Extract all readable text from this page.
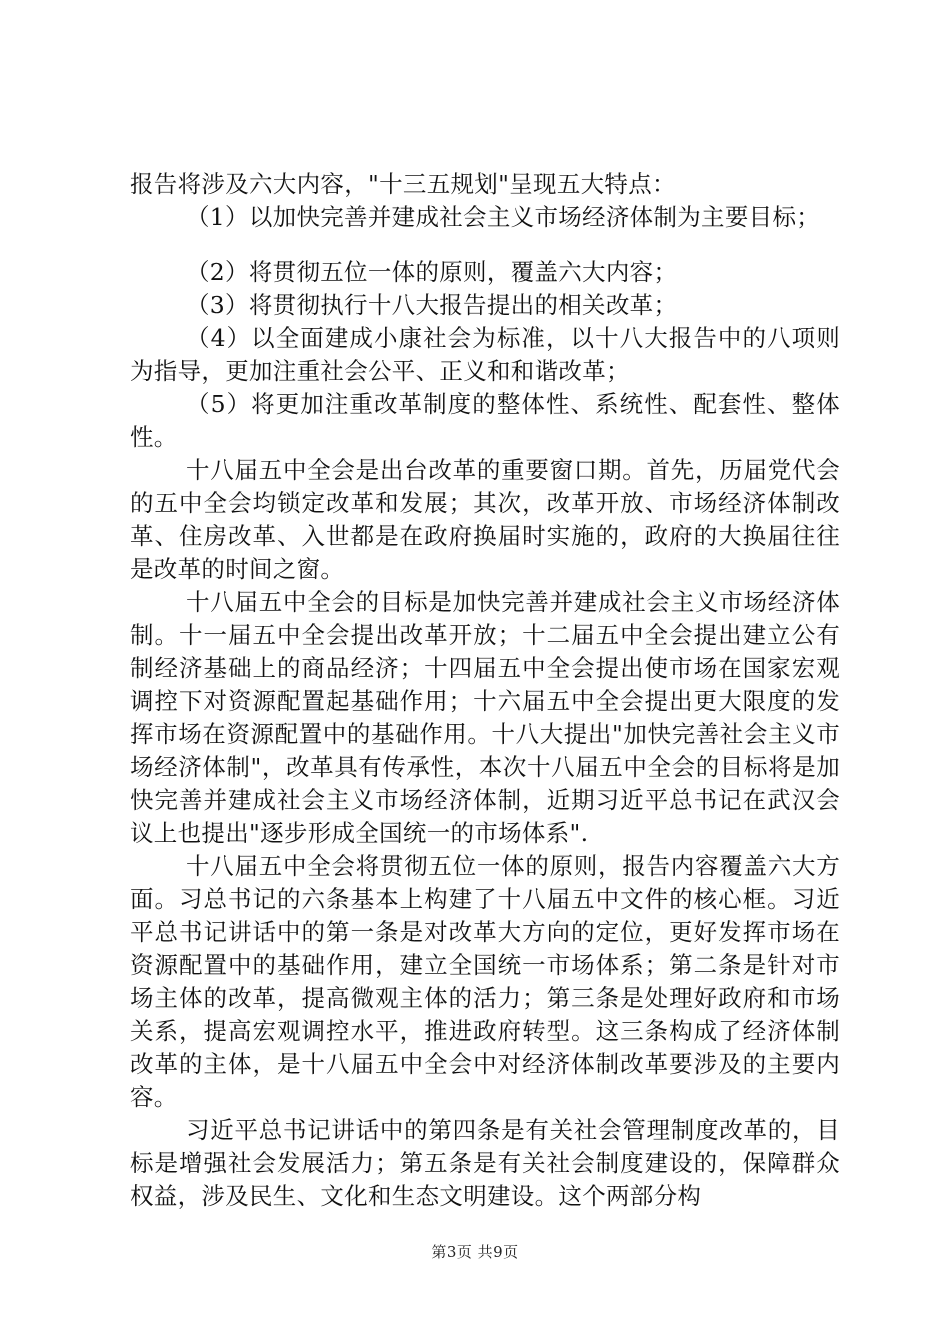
报告将涉及六大内容，"十三五规划"呈现五大特点：

（1）以加快完善并建成社会主义市场经济体制为主要目标；

（2）将贯彻五位一体的原则，覆盖六大内容；

（3）将贯彻执行十八大报告提出的相关改革；

（4）以全面建成小康社会为标准，以十八大报告中的八项则为指导，更加注重社会公平、正义和和谐改革；

（5）将更加注重改革制度的整体性、系统性、配套性、整体性。

十八届五中全会是出台改革的重要窗口期。首先，历届党代会的五中全会均锁定改革和发展；其次，改革开放、市场经济体制改革、住房改革、入世都是在政府换届时实施的，政府的大换届往往是改革的时间之窗。

十八届五中全会的目标是加快完善并建成社会主义市场经济体制。十一届五中全会提出改革开放；十二届五中全会提出建立公有制经济基础上的商品经济；十四届五中全会提出使市场在国家宏观调控下对资源配置起基础作用；十六届五中全会提出更大限度的发挥市场在资源配置中的基础作用。十八大提出"加快完善社会主义市场经济体制"，改革具有传承性，本次十八届五中全会的目标将是加快完善并建成社会主义市场经济体制，近期习近平总书记在武汉会议上也提出"逐步形成全国统一的市场体系".

十八届五中全会将贯彻五位一体的原则，报告内容覆盖六大方面。习总书记的六条基本上构建了十八届五中文件的核心框。习近平总书记讲话中的第一条是对改革大方向的定位，更好发挥市场在资源配置中的基础作用，建立全国统一市场体系；第二条是针对市场主体的改革，提高微观主体的活力；第三条是处理好政府和市场关系，提高宏观调控水平，推进政府转型。这三条构成了经济体制改革的主体，是十八届五中全会中对经济体制改革要涉及的主要内容。

习近平总书记讲话中的第四条是有关社会管理制度改革的，目标是增强社会发展活力；第五条是有关社会制度建设的，保障群众权益，涉及民生、文化和生态文明建设。这个两部分构

第3页 共9页
